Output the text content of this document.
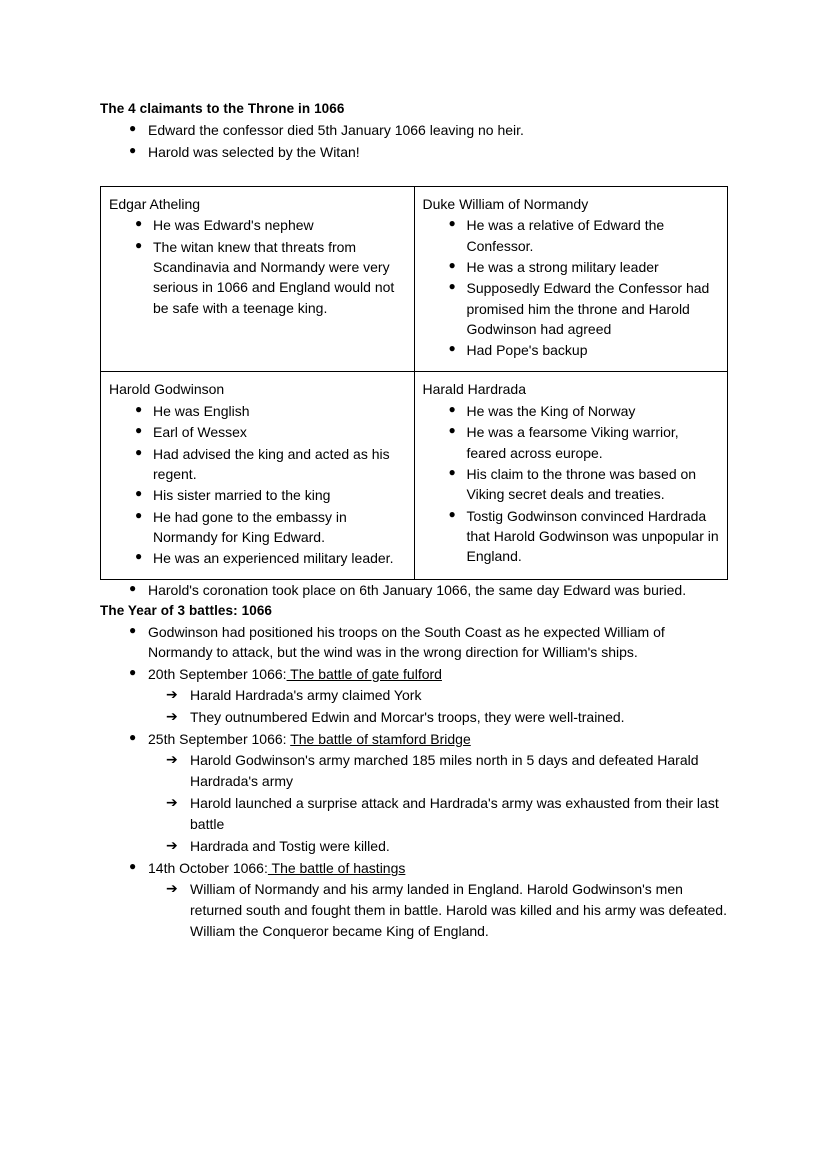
The 4 claimants to the Throne in 1066
● Edward the confessor died 5th January 1066 leaving no heir.
● Harold was selected by the Witan!
Edgar Atheling
● He was Edward's nephew
● The witan knew that threats from Scandinavia and Normandy were very serious in 1066 and England would not be safe with a teenage king.

Duke William of Normandy
● He was a relative of Edward the Confessor.
● He was a strong military leader
● Supposedly Edward the Confessor had promised him the throne and Harold Godwinson had agreed
● Had Pope's backup

Harold Godwinson
● He was English
● Earl of Wessex
● Had advised the king and acted as his regent.
● His sister married to the king
● He had gone to the embassy in Normandy for King Edward.
● He was an experienced military leader.

Harald Hardrada
● He was the King of Norway
● He was a fearsome Viking warrior, feared across europe.
● His claim to the throne was based on Viking secret deals and treaties.
● Tostig Godwinson convinced Hardrada that Harold Godwinson was unpopular in England.
● Harold's coronation took place on 6th January 1066, the same day Edward was buried.
The Year of 3 battles: 1066
● Godwinson had positioned his troops on the South Coast as he expected William of Normandy to attack, but the wind was in the wrong direction for William's ships.
● 20th September 1066: The battle of gate fulford
➔ Harald Hardrada's army claimed York
➔ They outnumbered Edwin and Morcar's troops, they were well-trained.
● 25th September 1066: The battle of stamford Bridge
➔ Harold Godwinson's army marched 185 miles north in 5 days and defeated Harald Hardrada's army
➔ Harold launched a surprise attack and Hardrada's army was exhausted from their last battle
➔ Hardrada and Tostig were killed.
● 14th October 1066: The battle of hastings
➔ William of Normandy and his army landed in England. Harold Godwinson's men returned south and fought them in battle. Harold was killed and his army was defeated. William the Conqueror became King of England.
